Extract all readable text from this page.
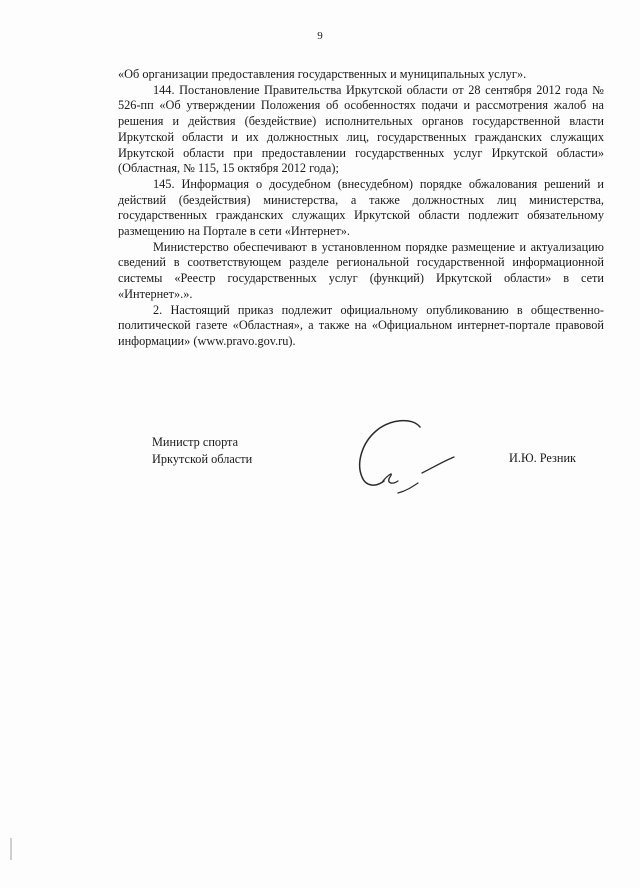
9

«Об организации предоставления государственных и муниципальных услуг».

144. Постановление Правительства Иркутской области от 28 сентября 2012 года № 526-пп «Об утверждении Положения об особенностях подачи и рассмотрения жалоб на решения и действия (бездействие) исполнительных органов государственной власти Иркутской области и их должностных лиц, государственных гражданских служащих Иркутской области при предоставлении государственных услуг Иркутской области» (Областная, № 115, 15 октября 2012 года);

145. Информация о досудебном (внесудебном) порядке обжалования решений и действий (бездействия) министерства, а также должностных лиц министерства, государственных гражданских служащих Иркутской области подлежит обязательному размещению на Портале в сети «Интернет».

Министерство обеспечивают в установленном порядке размещение и актуализацию сведений в соответствующем разделе региональной государственной информационной системы «Реестр государственных услуг (функций) Иркутской области» в сети «Интернет».».

2. Настоящий приказ подлежит официальному опубликованию в общественно-политической газете «Областная», а также на «Официальном интернет-портале правовой информации» (www.pravo.gov.ru).

Министр спорта
Иркутской области	И.Ю. Резник
